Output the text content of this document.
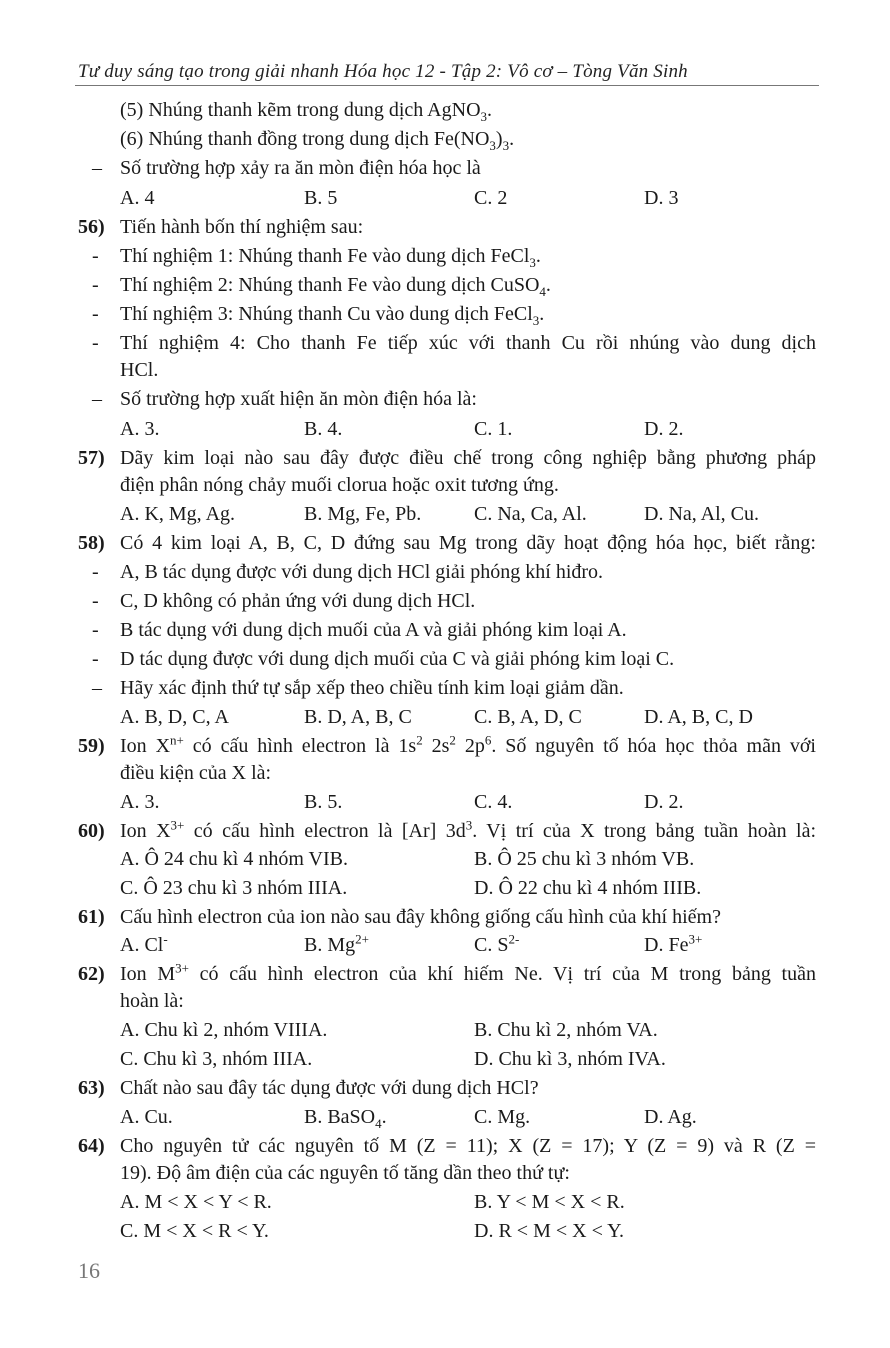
Tư duy sáng tạo trong giải nhanh Hóa học 12 - Tập 2: Vô cơ – Tòng Văn Sinh
(5) Nhúng thanh kẽm trong dung dịch AgNO$_3$.
(6) Nhúng thanh đồng trong dung dịch $Fe(NO_3)_3$.
– Số trường hợp xảy ra ăn mòn điện hóa học là
A. 4	B. 5	C. 2	D. 3
56) Tiến hành bốn thí nghiệm sau:
- Thí nghiệm 1: Nhúng thanh Fe vào dung dịch FeCl$_3$.
- Thí nghiệm 2: Nhúng thanh Fe vào dung dịch CuSO$_4$.
- Thí nghiệm 3: Nhúng thanh Cu vào dung dịch FeCl$_3$.
- Thí nghiệm 4: Cho thanh Fe tiếp xúc với thanh Cu rồi nhúng vào dung dịch
HCl.
– Số trường hợp xuất hiện ăn mòn điện hóa là:
A. 3.	B. 4.	C. 1.	D. 2.
57) Dãy kim loại nào sau đây được điều chế trong công nghiệp bằng phương pháp
điện phân nóng chảy muối clorua hoặc oxit tương ứng.
A. K, Mg, Ag.	B. Mg, Fe, Pb.	C. Na, Ca, Al.	D. Na, Al, Cu.
58) Có 4 kim loại A, B, C, D đứng sau Mg trong dãy hoạt động hóa học, biết rằng:
- A, B tác dụng được với dung dịch HCl giải phóng khí hiđro.
- C, D không có phản ứng với dung dịch HCl.
- B tác dụng với dung dịch muối của A và giải phóng kim loại A.
- D tác dụng được với dung dịch muối của C và giải phóng kim loại C.
– Hãy xác định thứ tự sắp xếp theo chiều tính kim loại giảm dần.
A. B, D, C, A	B. D, A, B, C	C. B, A, D, C	D. A, B, C, D
59) Ion $X^{n+}$ có cấu hình electron là $1s^2$ $2s^2$ $2p^6$. Số nguyên tố hóa học thỏa mãn với
điều kiện của X là:
A. 3.	B. 5.	C. 4.	D. 2.
60) Ion $X^{3+}$ có cấu hình electron là [Ar] $3d^3$. Vị trí của X trong bảng tuần hoàn là:
A. Ô 24 chu kì 4 nhóm VIB.	B. Ô 25 chu kì 3 nhóm VB.
C. Ô 23 chu kì 3 nhóm IIIA.	D. Ô 22 chu kì 4 nhóm IIIB.
61) Cấu hình electron của ion nào sau đây không giống cấu hình của khí hiếm?
A. Cl-	B. $Mg^{2+}$	C. $S^{2-}$	D. $Fe^{3+}$
62) Ion $M^{3+}$ có cấu hình electron của khí hiếm Ne. Vị trí của M trong bảng tuần
hoàn là:
A. Chu kì 2, nhóm VIIIA.	B. Chu kì 2, nhóm VA.
C. Chu kì 3, nhóm IIIA.	D. Chu kì 3, nhóm IVA.
63) Chất nào sau đây tác dụng được với dung dịch HCl?
A. Cu.	B. BaSO$_4$.	C. Mg.	D. Ag.
64) Cho nguyên tử các nguyên tố M (Z = 11); X (Z = 17); Y (Z = 9) và R (Z =
19). Độ âm điện của các nguyên tố tăng dần theo thứ tự:
A. M < X < Y < R.	B. Y < M < X < R.
C. M < X < R < Y.	D. R < M < X < Y.
16
